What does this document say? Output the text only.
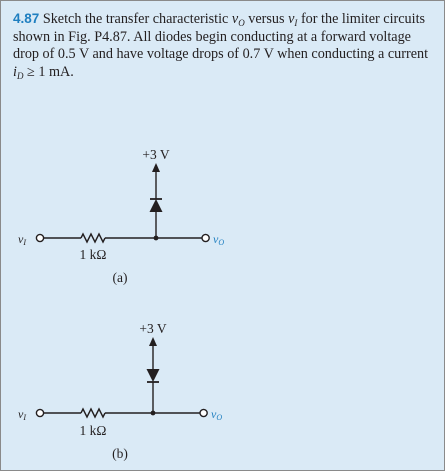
4.87 Sketch the transfer characteristic $v_O$ versus $v_I$ for the limiter circuits shown in Fig. P4.87. All diodes begin conducting at a forward voltage drop of 0.5 V and have voltage drops of 0.7 V when conducting a current $i_D \ge 1$ mA.

+3 V
vI	vO
1 kΩ
(a)
+3 V
vI	vO
1 kΩ
(b)
